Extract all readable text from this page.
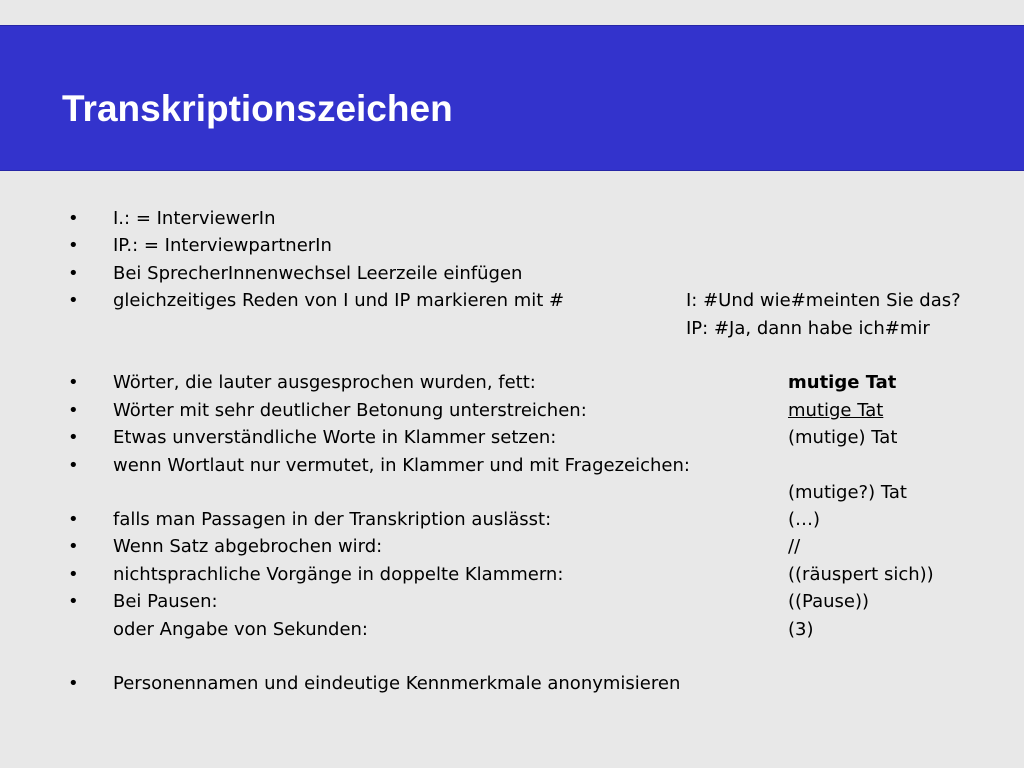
Transkriptionszeichen
• I.: = InterviewerIn
• IP.: = InterviewpartnerIn
• Bei SprecherInnenwechsel Leerzeile einfügen
• gleichzeitiges Reden von I und IP markieren mit #	I: #Und wie#meinten Sie das?
IP: #Ja, dann habe ich#mir
• Wörter, die lauter ausgesprochen wurden, fett:	mutige Tat
• Wörter mit sehr deutlicher Betonung unterstreichen:	mutige Tat
• Etwas unverständliche Worte in Klammer setzen:	(mutige) Tat
• wenn Wortlaut nur vermutet, in Klammer und mit Fragezeichen:
(mutige?) Tat
• falls man Passagen in der Transkription auslässt:	(…)
• Wenn Satz abgebrochen wird:	//
• nichtsprachliche Vorgänge in doppelte Klammern:	((räuspert sich))
• Bei Pausen:	((Pause))
oder Angabe von Sekunden:	(3)
• Personennamen und eindeutige Kennmerkmale anonymisieren
